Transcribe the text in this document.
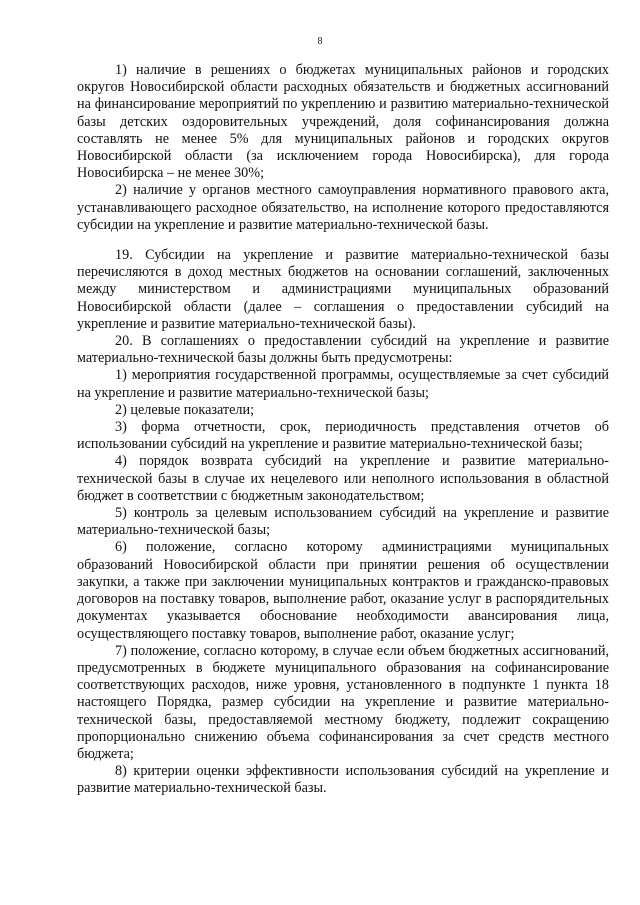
8

1) наличие в решениях о бюджетах муниципальных районов и городских округов Новосибирской области расходных обязательств и бюджетных ассигнований на финансирование мероприятий по укреплению и развитию материально-технической базы детских оздоровительных учреждений, доля софинансирования должна составлять не менее 5% для муниципальных районов и городских округов Новосибирской области (за исключением города Новосибирска), для города Новосибирска – не менее 30%;

2) наличие у органов местного самоуправления нормативного правового акта, устанавливающего расходное обязательство, на исполнение которого предоставляются субсидии на укрепление и развитие материально-технической базы.

19. Субсидии на укрепление и развитие материально-технической базы перечисляются в доход местных бюджетов на основании соглашений, заключенных между министерством и администрациями муниципальных образований Новосибирской области (далее – соглашения о предоставлении субсидий на укрепление и развитие материально-технической базы).

20. В соглашениях о предоставлении субсидий на укрепление и развитие материально-технической базы должны быть предусмотрены:

1) мероприятия государственной программы, осуществляемые за счет субсидий на укрепление и развитие материально-технической базы;

2) целевые показатели;

3) форма отчетности, срок, периодичность представления отчетов об использовании субсидий на укрепление и развитие материально-технической базы;

4) порядок возврата субсидий на укрепление и развитие материально-технической базы в случае их нецелевого или неполного использования в областной бюджет в соответствии с бюджетным законодательством;

5) контроль за целевым использованием субсидий на укрепление и развитие материально-технической базы;

6) положение, согласно которому администрациями муниципальных образований Новосибирской области при принятии решения об осуществлении закупки, а также при заключении муниципальных контрактов и гражданско-правовых договоров на поставку товаров, выполнение работ, оказание услуг в распорядительных документах указывается обоснование необходимости авансирования лица, осуществляющего поставку товаров, выполнение работ, оказание услуг;

7) положение, согласно которому, в случае если объем бюджетных ассигнований, предусмотренных в бюджете муниципального образования на софинансирование соответствующих расходов, ниже уровня, установленного в подпункте 1 пункта 18 настоящего Порядка, размер субсидии на укрепление и развитие материально-технической базы, предоставляемой местному бюджету, подлежит сокращению пропорционально снижению объема софинансирования за счет средств местного бюджета;

8) критерии оценки эффективности использования субсидий на укрепление и развитие материально-технической базы.
